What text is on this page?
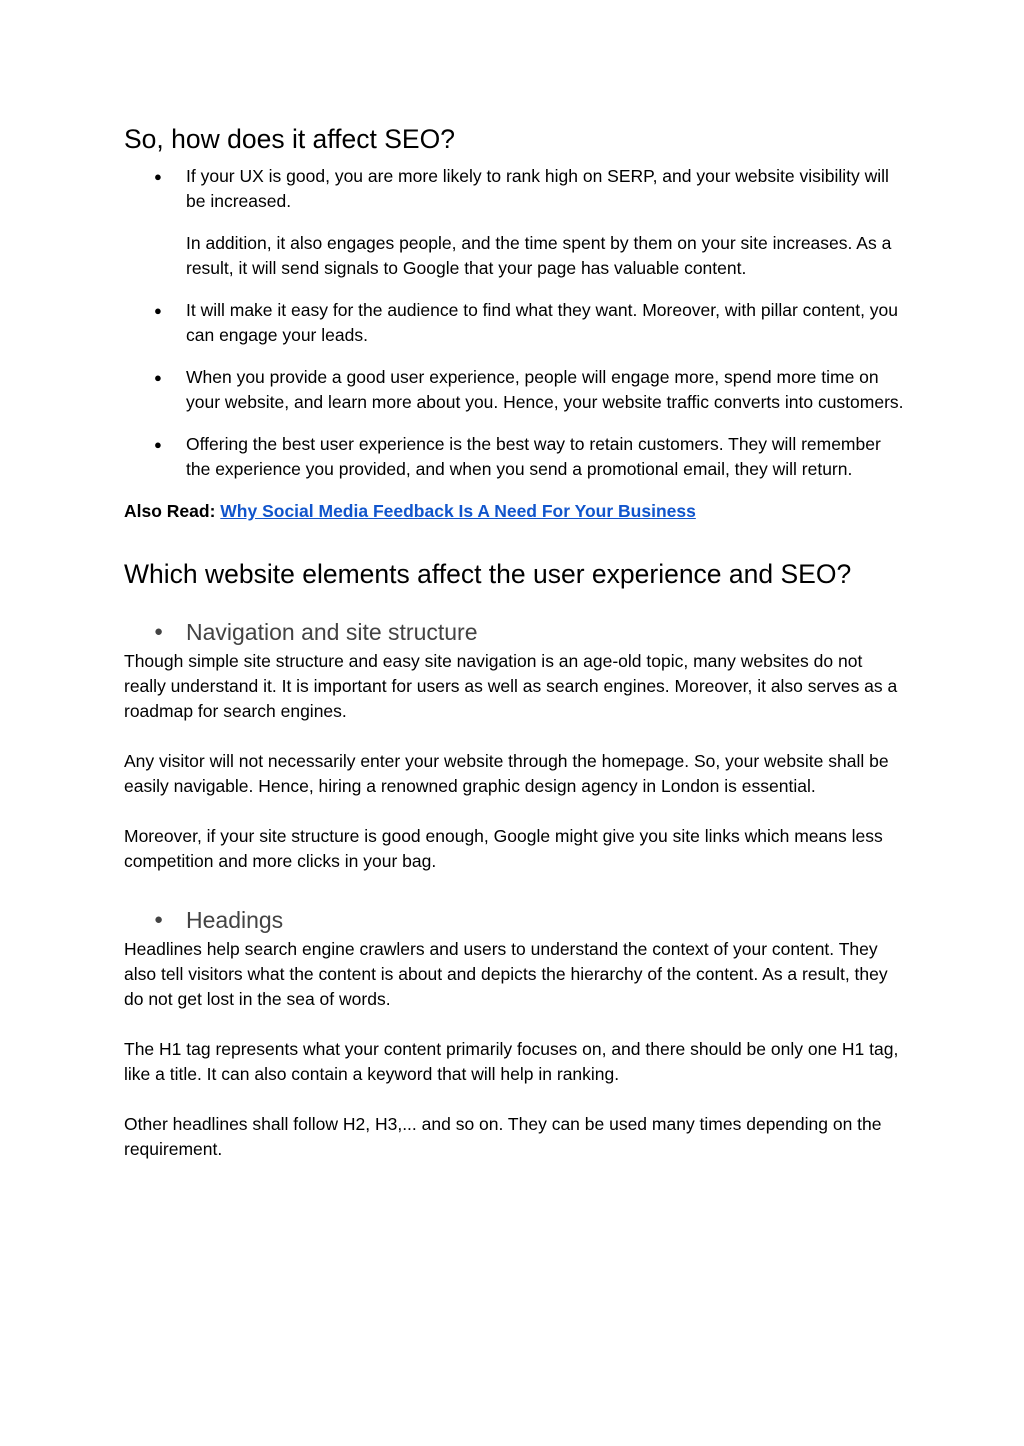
So, how does it affect SEO?
● If your UX is good, you are more likely to rank high on SERP, and your website visibility will be increased.

In addition, it also engages people, and the time spent by them on your site increases. As a result, it will send signals to Google that your page has valuable content.

● It will make it easy for the audience to find what they want. Moreover, with pillar content, you can engage your leads.

● When you provide a good user experience, people will engage more, spend more time on your website, and learn more about you. Hence, your website traffic converts into customers.

● Offering the best user experience is the best way to retain customers. They will remember the experience you provided, and when you send a promotional email, they will return.

Also Read: Why Social Media Feedback Is A Need For Your Business

Which website elements affect the user experience and SEO?
● Navigation and site structure

Though simple site structure and easy site navigation is an age-old topic, many websites do not really understand it. It is important for users as well as search engines. Moreover, it also serves as a roadmap for search engines.

Any visitor will not necessarily enter your website through the homepage. So, your website shall be easily navigable. Hence, hiring a renowned graphic design agency in London is essential.

Moreover, if your site structure is good enough, Google might give you site links which means less competition and more clicks in your bag.

● Headings

Headlines help search engine crawlers and users to understand the context of your content. They also tell visitors what the content is about and depicts the hierarchy of the content. As a result, they do not get lost in the sea of words.

The H1 tag represents what your content primarily focuses on, and there should be only one H1 tag, like a title. It can also contain a keyword that will help in ranking.

Other headlines shall follow H2, H3,... and so on. They can be used many times depending on the requirement.
